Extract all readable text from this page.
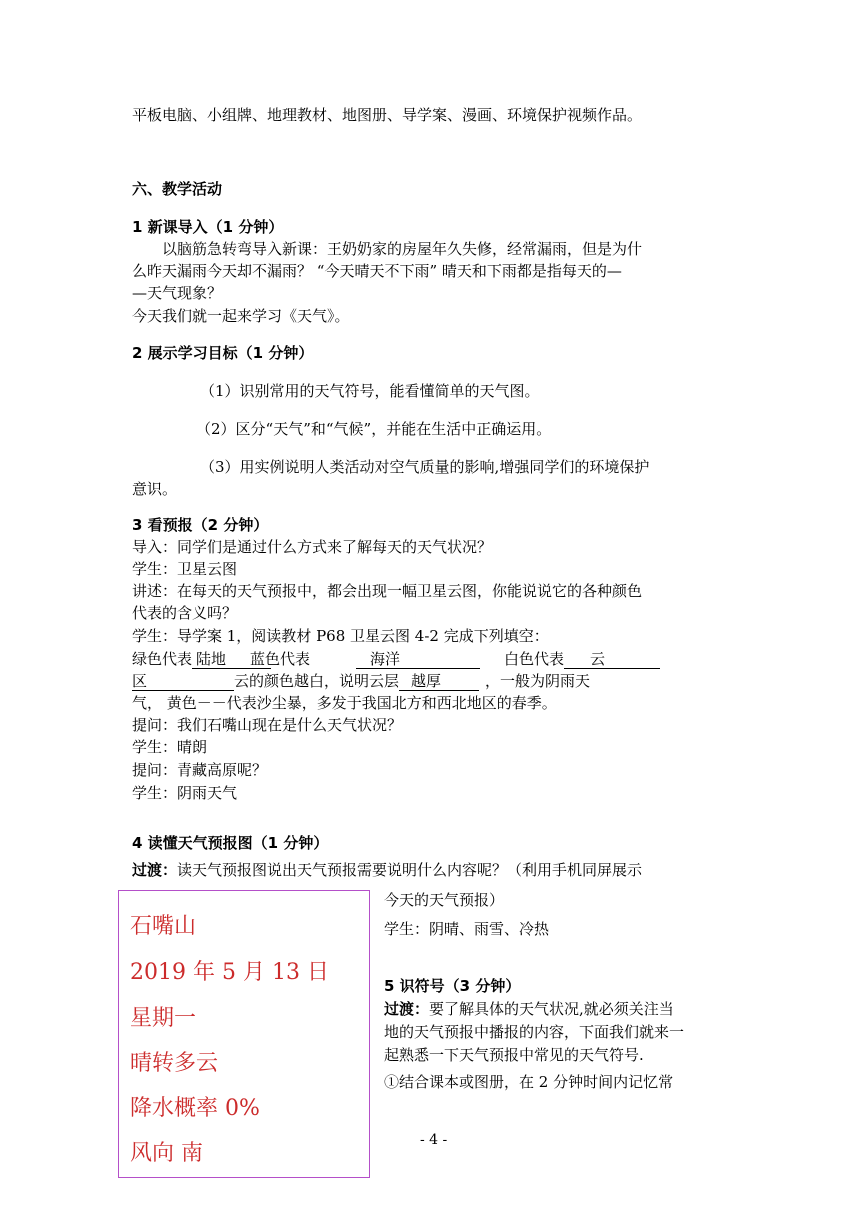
平板电脑、小组牌、地理教材、地图册、导学案、漫画、环境保护视频作品。
六、教学活动
1 新课导入（1 分钟）
以脑筋急转弯导入新课：王奶奶家的房屋年久失修，经常漏雨，但是为什
么昨天漏雨今天却不漏雨？ “今天晴天不下雨” 晴天和下雨都是指每天的—
—天气现象？
今天我们就一起来学习《天气》。
2 展示学习目标（1 分钟）
（1）识别常用的天气符号，能看懂简单的天气图。
（2）区分“天气”和“气候”，并能在生活中正确运用。
（3）用实例说明人类活动对空气质量的影响,增强同学们的环境保护
意识。
3 看预报（2 分钟）
导入：同学们是通过什么方式来了解每天的天气状况？
学生：卫星云图
讲述：在每天的天气预报中，都会出现一幅卫星云图，你能说说它的各种颜色
代表的含义吗？
学生：导学案 1，阅读教材 P68 卫星云图 4-2 完成下列填空：
绿色代表 陆地	蓝色代表	海洋	白色代表 云
区	云的颜色越白，说明云层 越厚	，一般为阴雨天
气， 黄色－－代表沙尘暴，多发于我国北方和西北地区的春季。
提问：我们石嘴山现在是什么天气状况？
学生：晴朗
提问：青藏高原呢？
学生：阴雨天气
4 读懂天气预报图（1 分钟）
过渡：读天气预报图说出天气预报需要说明什么内容呢？（利用手机同屏展示
今天的天气预报）
学生：阴晴、雨雪、冷热
石嘴山
2019 年 5 月 13 日
星期一
晴转多云
降水概率 0%
风向 南
5 识符号（3 分钟）
过渡：要了解具体的天气状况,就必须关注当
地的天气预报中播报的内容，下面我们就来一
起熟悉一下天气预报中常见的天气符号.
①结合课本或图册，在 2 分钟时间内记忆常
- 4 -
